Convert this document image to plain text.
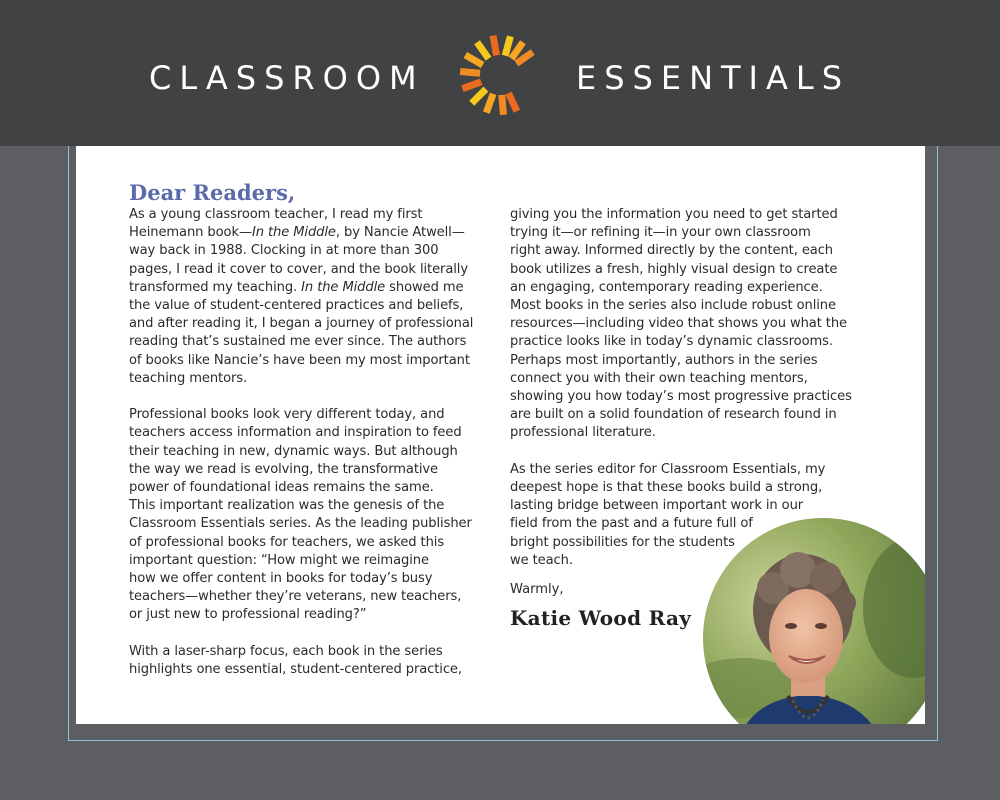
CLASSROOM	ESSENTIALS
Dear Readers,

As a young classroom teacher, I read my first
Heinemann book—In the Middle, by Nancie Atwell—
way back in 1988. Clocking in at more than 300
pages, I read it cover to cover, and the book literally
transformed my teaching. In the Middle showed me
the value of student-centered practices and beliefs,
and after reading it, I began a journey of professional
reading that’s sustained me ever since. The authors
of books like Nancie’s have been my most important
teaching mentors.

Professional books look very different today, and
teachers access information and inspiration to feed
their teaching in new, dynamic ways. But although
the way we read is evolving, the transformative
power of foundational ideas remains the same.
This important realization was the genesis of the
Classroom Essentials series. As the leading publisher
of professional books for teachers, we asked this
important question: “How might we reimagine
how we offer content in books for today’s busy
teachers—whether they’re veterans, new teachers,
or just new to professional reading?”

With a laser-sharp focus, each book in the series
highlights one essential, student-centered practice,

giving you the information you need to get started
trying it—or refining it—in your own classroom
right away. Informed directly by the content, each
book utilizes a fresh, highly visual design to create
an engaging, contemporary reading experience.
Most books in the series also include robust online
resources—including video that shows you what the
practice looks like in today’s dynamic classrooms.
Perhaps most importantly, authors in the series
connect you with their own teaching mentors,
showing you how today’s most progressive practices
are built on a solid foundation of research found in
professional literature.

As the series editor for Classroom Essentials, my
deepest hope is that these books build a strong,
lasting bridge between important work in our
field from the past and a future full of
bright possibilities for the students
we teach.

Warmly,
Katie Wood Ray
